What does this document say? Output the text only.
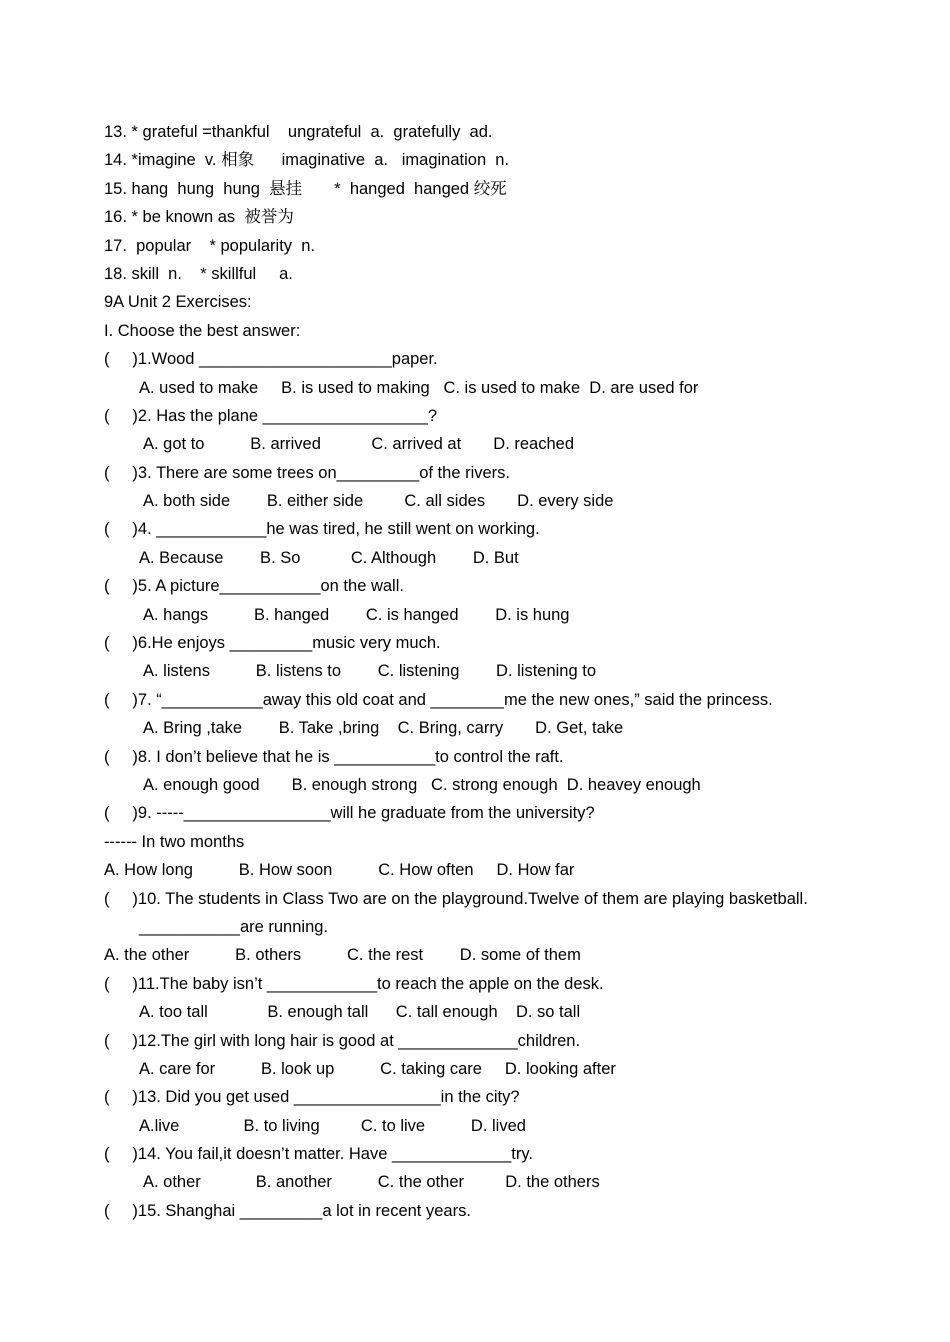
13. * grateful =thankful    ungrateful  a.  gratefully  ad.
14. *imagine  v. 相象      imaginative  a.   imagination  n.
15. hang  hung  hung  悬挂       *  hanged  hanged 绞死
16. * be known as  被誉为
17.  popular    * popularity  n.
18. skill  n.    * skillful     a.
9A Unit 2 Exercises:
I. Choose the best answer:
(     )1.Wood _____________________paper.
A. used to make     B. is used to making   C. is used to make  D. are used for
(     )2. Has the plane __________________?
A. got to          B. arrived           C. arrived at       D. reached
(     )3. There are some trees on_________of the rivers.
A. both side        B. either side         C. all sides       D. every side
(     )4. ____________he was tired, he still went on working.
A. Because        B. So           C. Although        D. But
(     )5. A picture___________on the wall.
A. hangs          B. hanged        C. is hanged        D. is hung
(     )6.He enjoys _________music very much.
A. listens          B. listens to        C. listening        D. listening to
(     )7. “___________away this old coat and ________me the new ones,” said the princess.
A. Bring ,take        B. Take ,bring    C. Bring, carry       D. Get, take
(     )8. I don’t believe that he is ___________to control the raft.
A. enough good       B. enough strong   C. strong enough  D. heavey enough
(     )9. -----________________will he graduate from the university?
------ In two months
A. How long          B. How soon          C. How often     D. How far
(     )10. The students in Class Two are on the playground.Twelve of them are playing basketball.
___________are running.
A. the other          B. others          C. the rest        D. some of them
(     )11.The baby isn’t ____________to reach the apple on the desk.
A. too tall             B. enough tall      C. tall enough    D. so tall
(     )12.The girl with long hair is good at _____________children.
A. care for          B. look up          C. taking care     D. looking after
(     )13. Did you get used ________________in the city?
A.live              B. to living         C. to live          D. lived
(     )14. You fail,it doesn’t matter. Have _____________try.
A. other            B. another          C. the other         D. the others
(     )15. Shanghai _________a lot in recent years.
